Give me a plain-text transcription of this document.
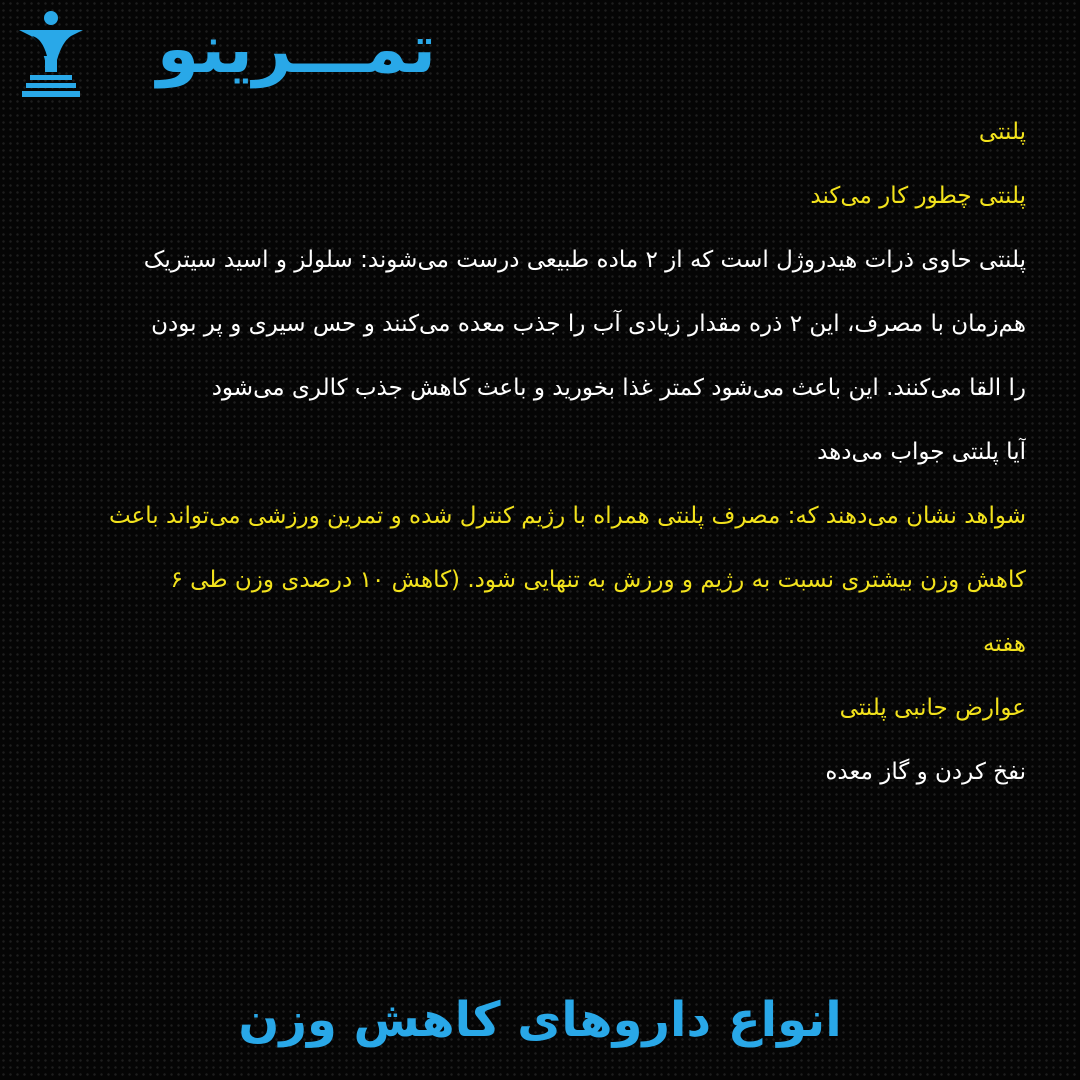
تمـــرینو
پلنتی
پلنتی چطور کار می‌کند
پلنتی حاوی ذرات هیدروژل است که از ۲ ماده طبیعی درست می‌شوند: سلولز و اسید سیتریک
هم‌زمان با مصرف، این ۲ ذره مقدار زیادی آب را جذب معده می‌کنند و حس سیری و پر بودن
را القا می‌کنند. این باعث می‌شود کمتر غذا بخورید و باعث کاهش جذب کالری می‌شود
آیا پلنتی جواب می‌دهد
شواهد نشان می‌دهند که: مصرف پلنتی همراه با رژیم کنترل شده و تمرین ورزشی می‌تواند باعث
کاهش وزن بیشتری نسبت به رژیم و ورزش به تنهایی شود. (کاهش ۱۰ درصدی وزن طی ۶
هفته
عوارض جانبی پلنتی
نفخ کردن و گاز معده
انواع داروهای کاهش وزن
